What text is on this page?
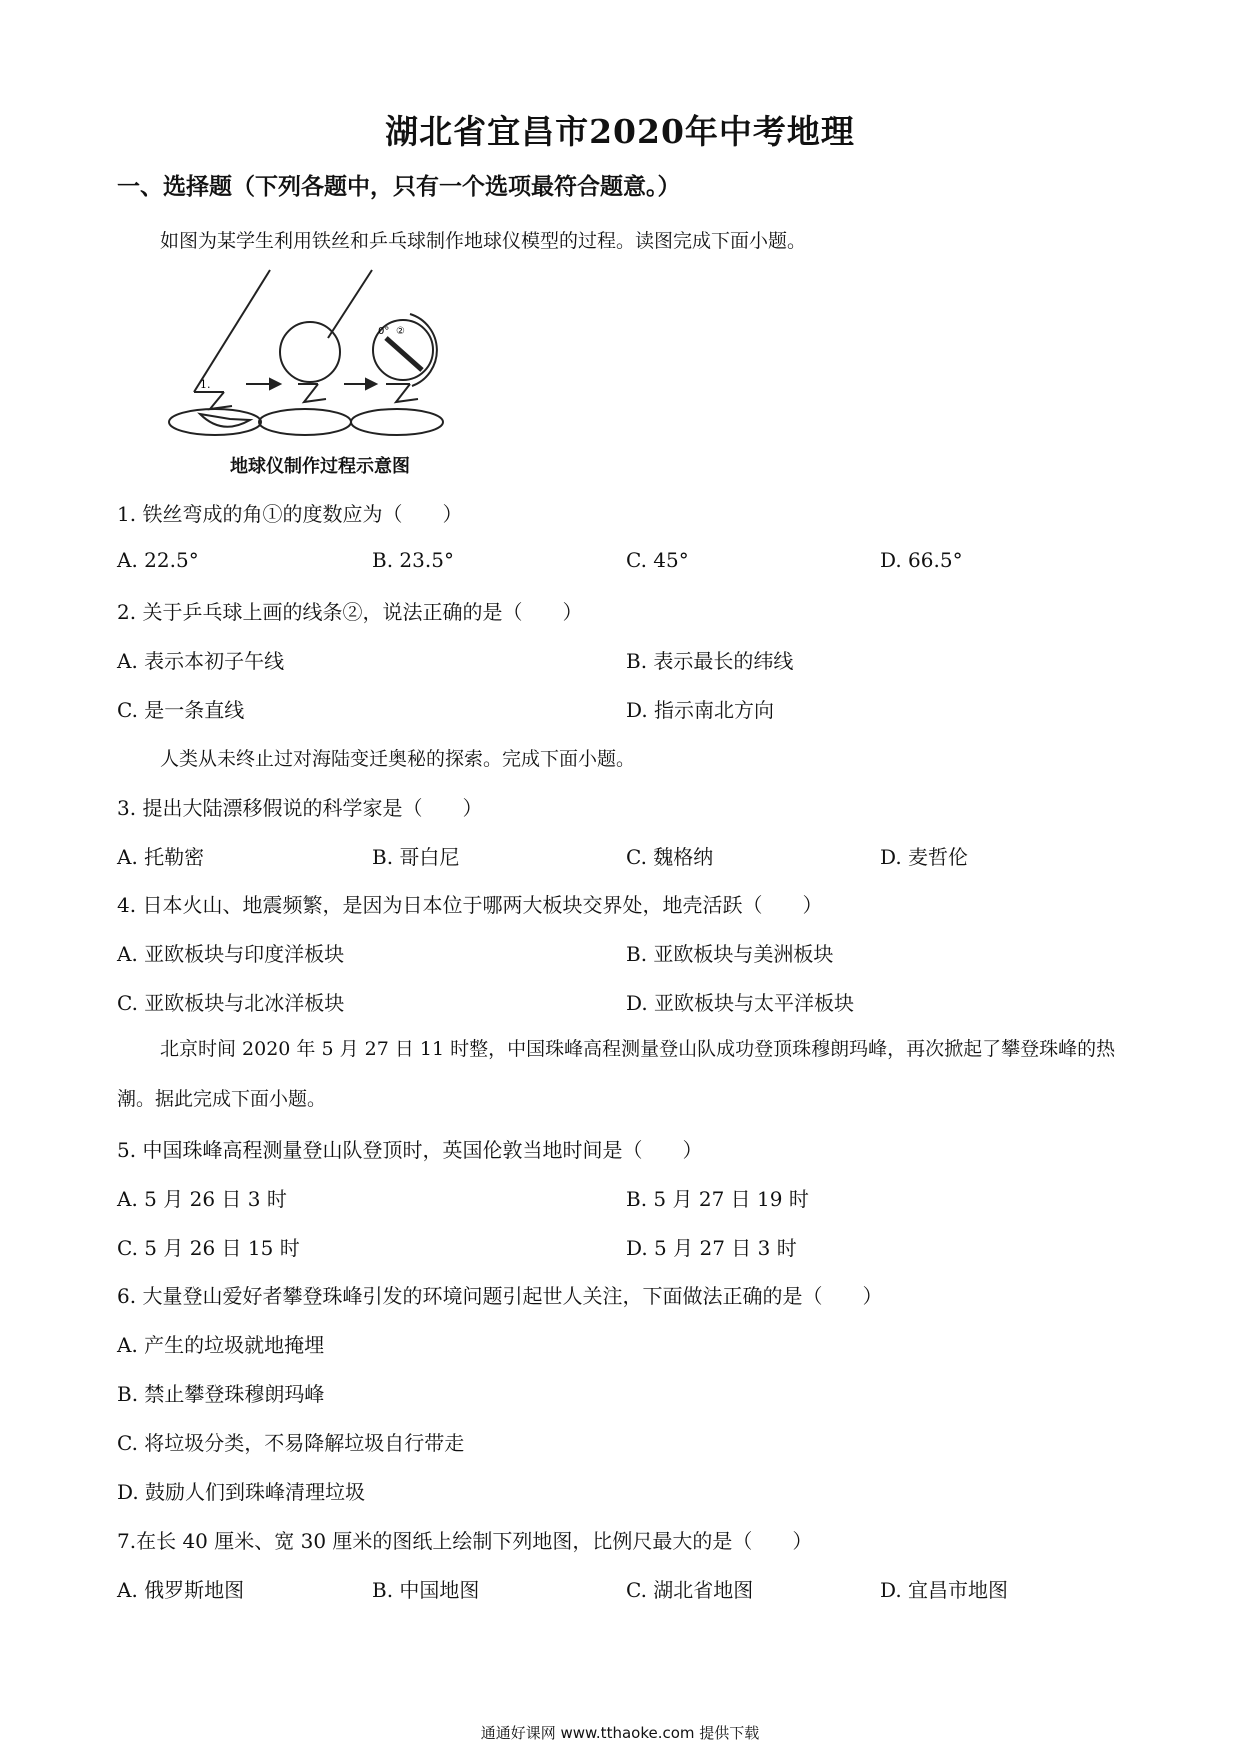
湖北省宜昌市2020年中考地理
一、选择题（下列各题中，只有一个选项最符合题意。）
如图为某学生利用铁丝和乒乓球制作地球仪模型的过程。读图完成下面小题。
1.
0° ②
地球仪制作过程示意图
1. 铁丝弯成的角①的度数应为（　　）
A. 22.5°	B. 23.5°	C. 45°	D. 66.5°
2. 关于乒乓球上画的线条②，说法正确的是（　　）
A. 表示本初子午线	B. 表示最长的纬线
C. 是一条直线	D. 指示南北方向
人类从未终止过对海陆变迁奥秘的探索。完成下面小题。
3. 提出大陆漂移假说的科学家是（　　）
A. 托勒密	B. 哥白尼	C. 魏格纳	D. 麦哲伦
4. 日本火山、地震频繁，是因为日本位于哪两大板块交界处，地壳活跃（　　）
A. 亚欧板块与印度洋板块	B. 亚欧板块与美洲板块
C. 亚欧板块与北冰洋板块	D. 亚欧板块与太平洋板块
北京时间 2020 年 5 月 27 日 11 时整，中国珠峰高程测量登山队成功登顶珠穆朗玛峰，再次掀起了攀登珠峰的热潮。据此完成下面小题。
5. 中国珠峰高程测量登山队登顶时，英国伦敦当地时间是（　　）
A. 5 月 26 日 3 时	B. 5 月 27 日 19 时
C. 5 月 26 日 15 时	D. 5 月 27 日 3 时
6. 大量登山爱好者攀登珠峰引发的环境问题引起世人关注，下面做法正确的是（　　）
A. 产生的垃圾就地掩埋
B. 禁止攀登珠穆朗玛峰
C. 将垃圾分类，不易降解垃圾自行带走
D. 鼓励人们到珠峰清理垃圾
7.在长 40 厘米、宽 30 厘米的图纸上绘制下列地图，比例尺最大的是（　　）
A. 俄罗斯地图	B. 中国地图	C. 湖北省地图	D. 宜昌市地图
通通好课网 www.tthaoke.com 提供下载
